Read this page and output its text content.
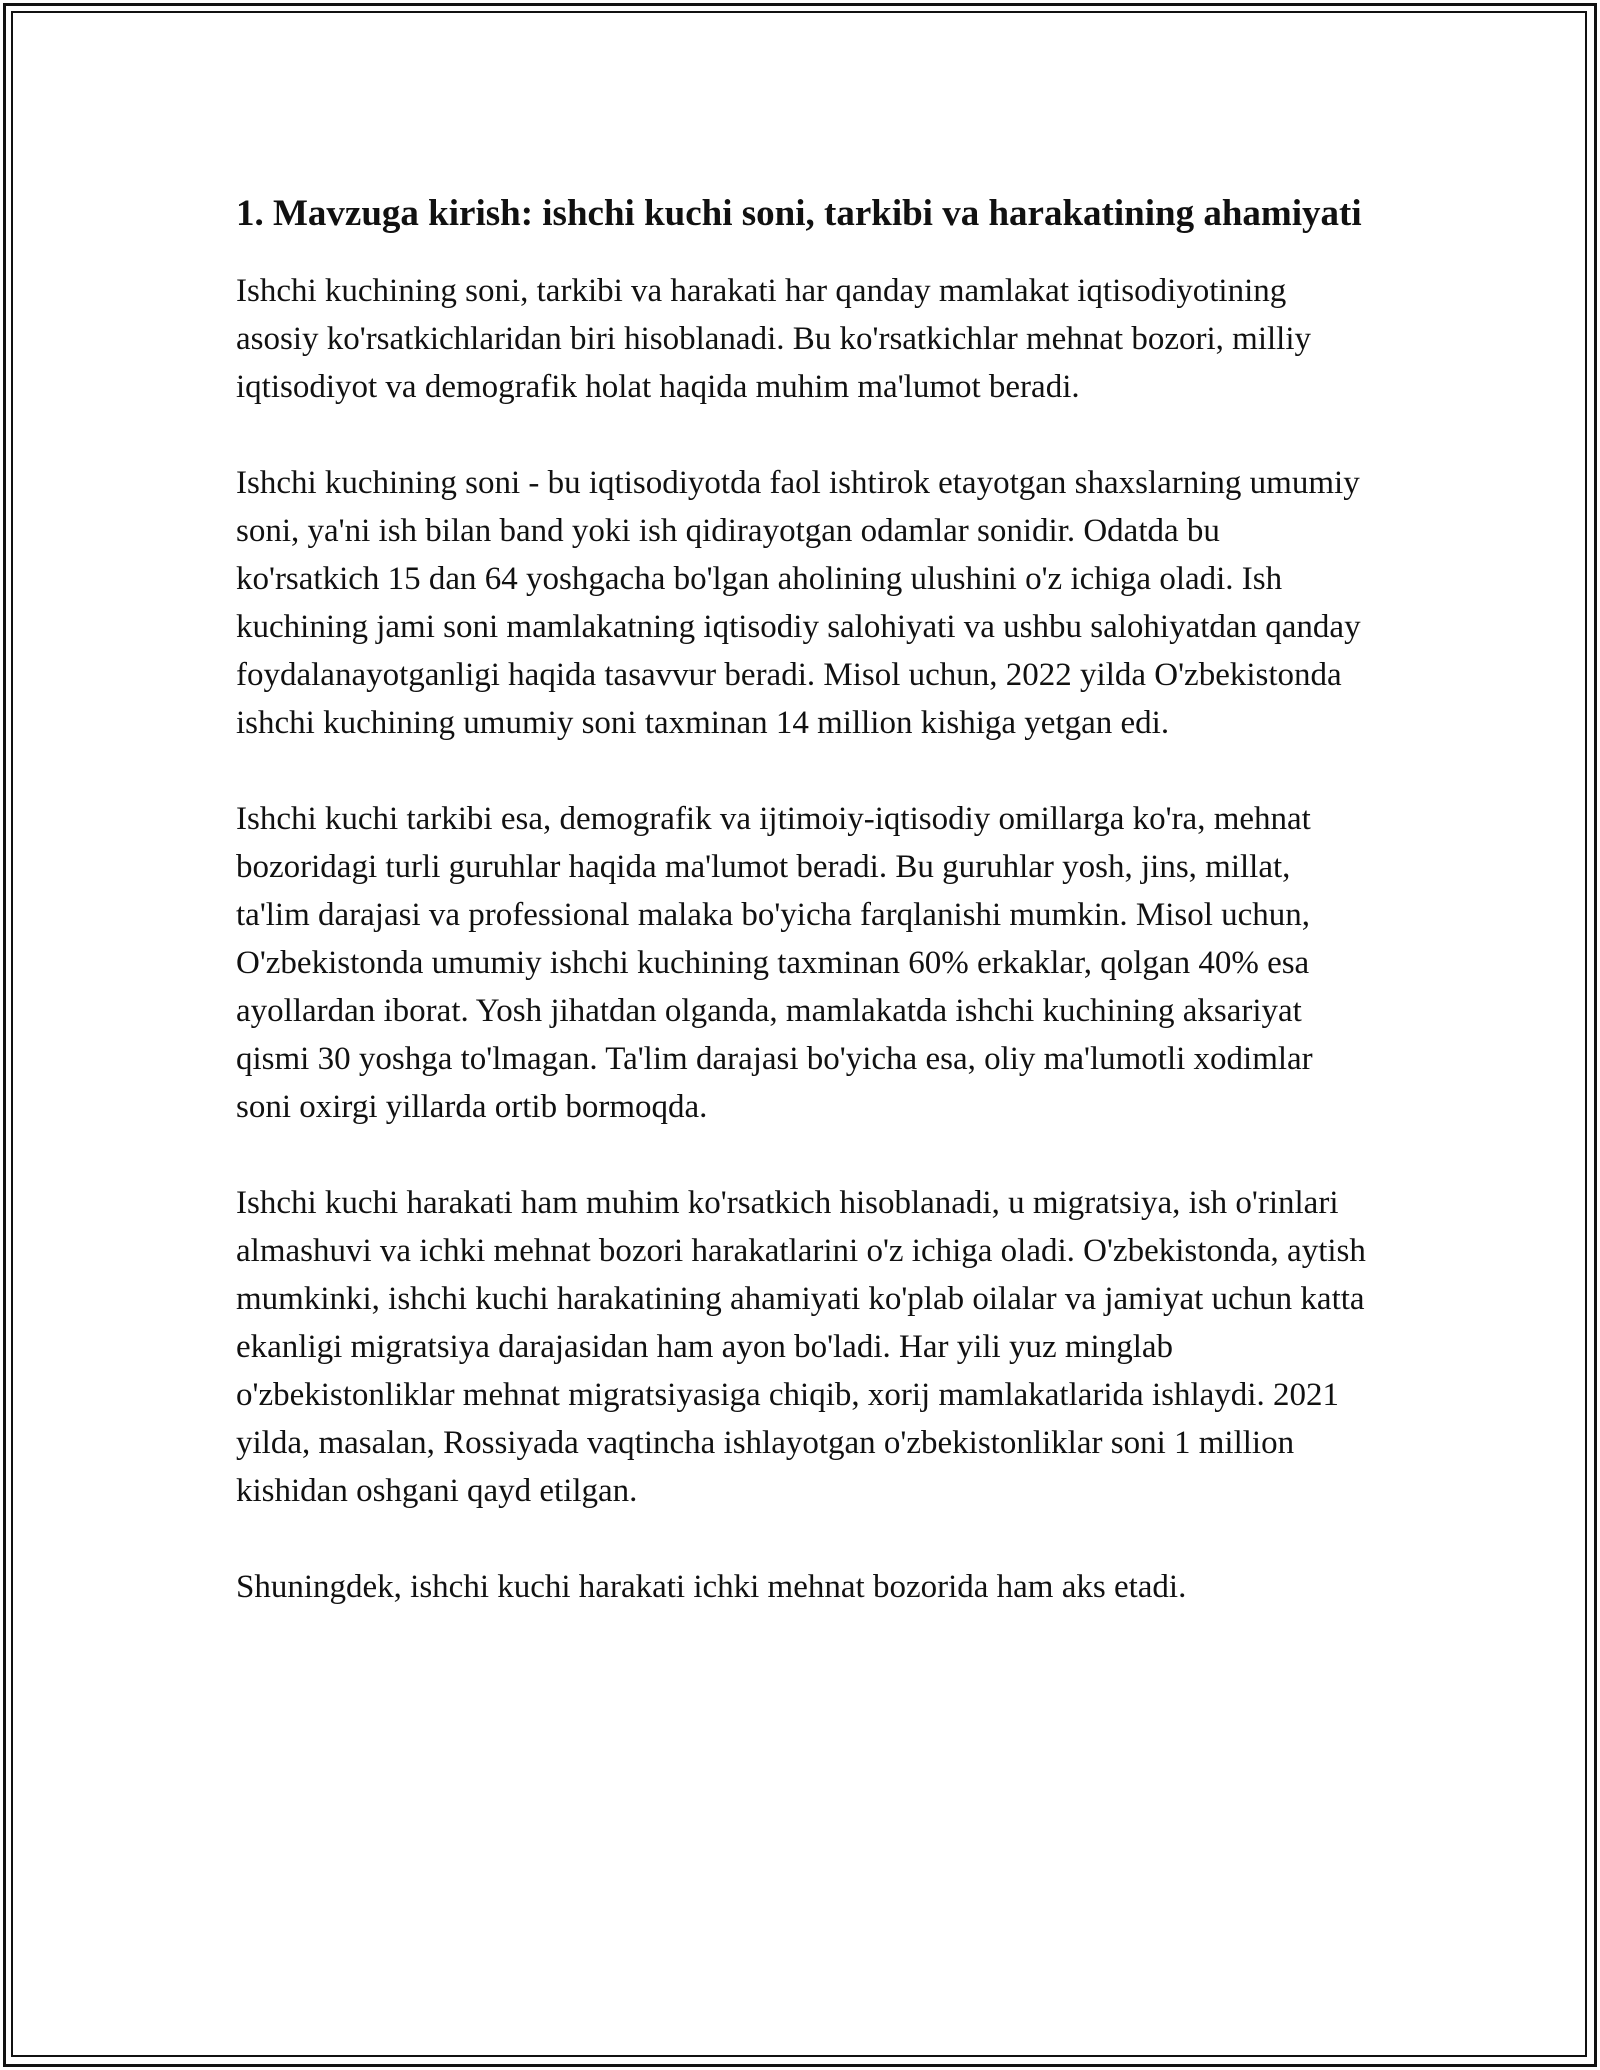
1. Mavzuga kirish: ishchi kuchi soni, tarkibi va harakatining ahamiyati

Ishchi kuchining soni, tarkibi va harakati har qanday mamlakat iqtisodiyotining asosiy ko'rsatkichlaridan biri hisoblanadi. Bu ko'rsatkichlar mehnat bozori, milliy iqtisodiyot va demografik holat haqida muhim ma'lumot beradi.

Ishchi kuchining soni - bu iqtisodiyotda faol ishtirok etayotgan shaxslarning umumiy soni, ya'ni ish bilan band yoki ish qidirayotgan odamlar sonidir. Odatda bu ko'rsatkich 15 dan 64 yoshgacha bo'lgan aholining ulushini o'z ichiga oladi. Ish kuchining jami soni mamlakatning iqtisodiy salohiyati va ushbu salohiyatdan qanday foydalanayotganligi haqida tasavvur beradi. Misol uchun, 2022 yilda O'zbekistonda ishchi kuchining umumiy soni taxminan 14 million kishiga yetgan edi.

Ishchi kuchi tarkibi esa, demografik va ijtimoiy-iqtisodiy omillarga ko'ra, mehnat bozoridagi turli guruhlar haqida ma'lumot beradi. Bu guruhlar yosh, jins, millat, ta'lim darajasi va professional malaka bo'yicha farqlanishi mumkin. Misol uchun, O'zbekistonda umumiy ishchi kuchining taxminan 60% erkaklar, qolgan 40% esa ayollardan iborat. Yosh jihatdan olganda, mamlakatda ishchi kuchining aksariyat qismi 30 yoshga to'lmagan. Ta'lim darajasi bo'yicha esa, oliy ma'lumotli xodimlar soni oxirgi yillarda ortib bormoqda.

Ishchi kuchi harakati ham muhim ko'rsatkich hisoblanadi, u migratsiya, ish o'rinlari almashuvi va ichki mehnat bozori harakatlarini o'z ichiga oladi. O'zbekistonda, aytish mumkinki, ishchi kuchi harakatining ahamiyati ko'plab oilalar va jamiyat uchun katta ekanligi migratsiya darajasidan ham ayon bo'ladi. Har yili yuz minglab o'zbekistonliklar mehnat migratsiyasiga chiqib, xorij mamlakatlarida ishlaydi. 2021 yilda, masalan, Rossiyada vaqtincha ishlayotgan o'zbekistonliklar soni 1 million kishidan oshgani qayd etilgan.

Shuningdek, ishchi kuchi harakati ichki mehnat bozorida ham aks etadi.
